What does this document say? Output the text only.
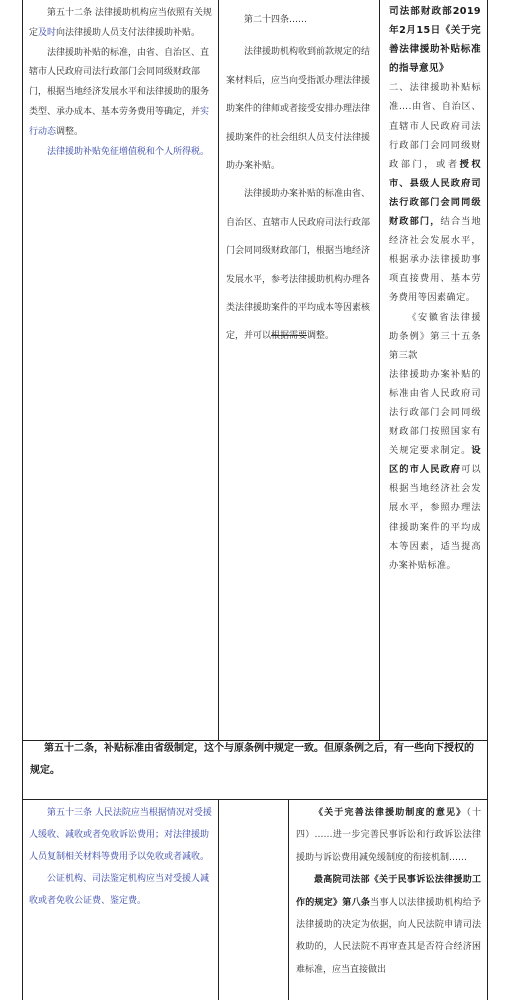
第五十二条 法律援助机构应当依照有关规定及时向法律援助人员支付法律援助补贴。

法律援助补贴的标准，由省、自治区、直辖市人民政府司法行政部门会同同级财政部门，根据当地经济发展水平和法律援助的服务类型、承办成本、基本劳务费用等确定，并实行动态调整。

法律援助补贴免征增值税和个人所得税。

第二十四条……

法律援助机构收到前款规定的结案材料后，应当向受指派办理法律援助案件的律师或者接受安排办理法律援助案件的社会组织人员支付法律援助办案补贴。

法律援助办案补贴的标准由省、自治区、直辖市人民政府司法行政部门会同同级财政部门，根据当地经济发展水平，参考法律援助机构办理各类法律援助案件的平均成本等因素核定，并可以根据需要调整。

司法部财政部2019年2月15日《关于完善法律援助补贴标准的指导意见》

二、法律援助补贴标准….由省、自治区、直辖市人民政府司法行政部门会同同级财政部门，或者授权市、县级人民政府司法行政部门会同同级财政部门，结合当地经济社会发展水平，根据承办法律援助事项直接费用、基本劳务费用等因素确定。

《安徽省法律援助条例》第三十五条第三款

法律援助办案补贴的标准由省人民政府司法行政部门会同同级财政部门按照国家有关规定要求制定。设区的市人民政府可以根据当地经济社会发展水平，参照办理法律援助案件的平均成本等因素，适当提高办案补贴标准。

第五十二条，补贴标准由省级制定，这个与原条例中规定一致。但原条例之后，有一些向下授权的规定。

第五十三条 人民法院应当根据情况对受援人缓收、减收或者免收诉讼费用；对法律援助人员复制相关材料等费用予以免收或者减收。

公证机构、司法鉴定机构应当对受援人减收或者免收公证费、鉴定费。

《关于完善法律援助制度的意见》（十四）……进一步完善民事诉讼和行政诉讼法律援助与诉讼费用减免缓制度的衔接机制……

最高院司法部《关于民事诉讼法律援助工作的规定》第八条当事人以法律援助机构给予法律援助的决定为依据，向人民法院申请司法救助的，人民法院不再审查其是否符合经济困难标准，应当直接做出
